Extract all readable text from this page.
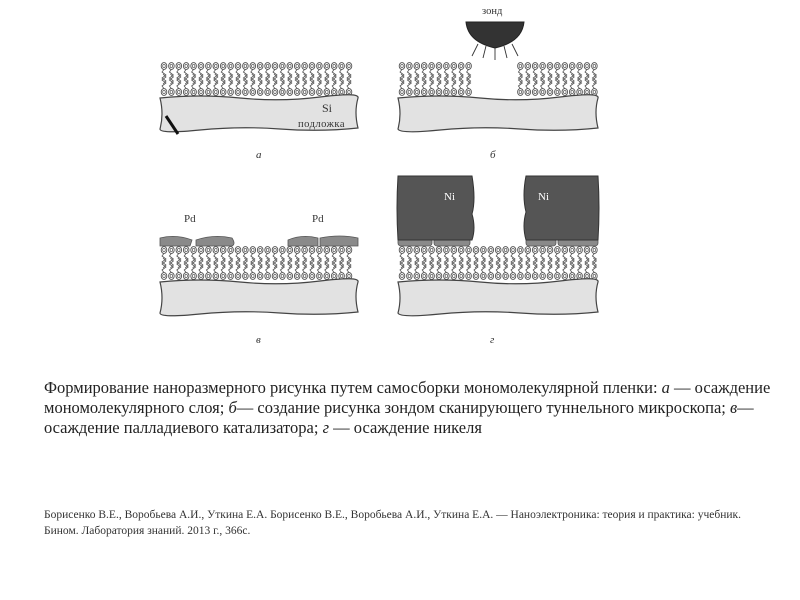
Si
подложка
а
зонд
б
Pd	Pd
в
Ni	Ni
г
Формирование наноразмерного рисунка путем самосборки мономолекулярной пленки: а — осаждение мономолекулярного слоя; б— создание рисунка зондом сканирующего туннельного микроскопа; в—осаждение палладиевого катализатора; г — осаждение никеля
Борисенко В.Е., Воробьева А.И., Уткина Е.А. Борисенко В.Е., Воробьева А.И., Уткина Е.А. — Наноэлектроника: теория и практика: учебник. Бином. Лаборатория знаний. 2013 г., 366с.
